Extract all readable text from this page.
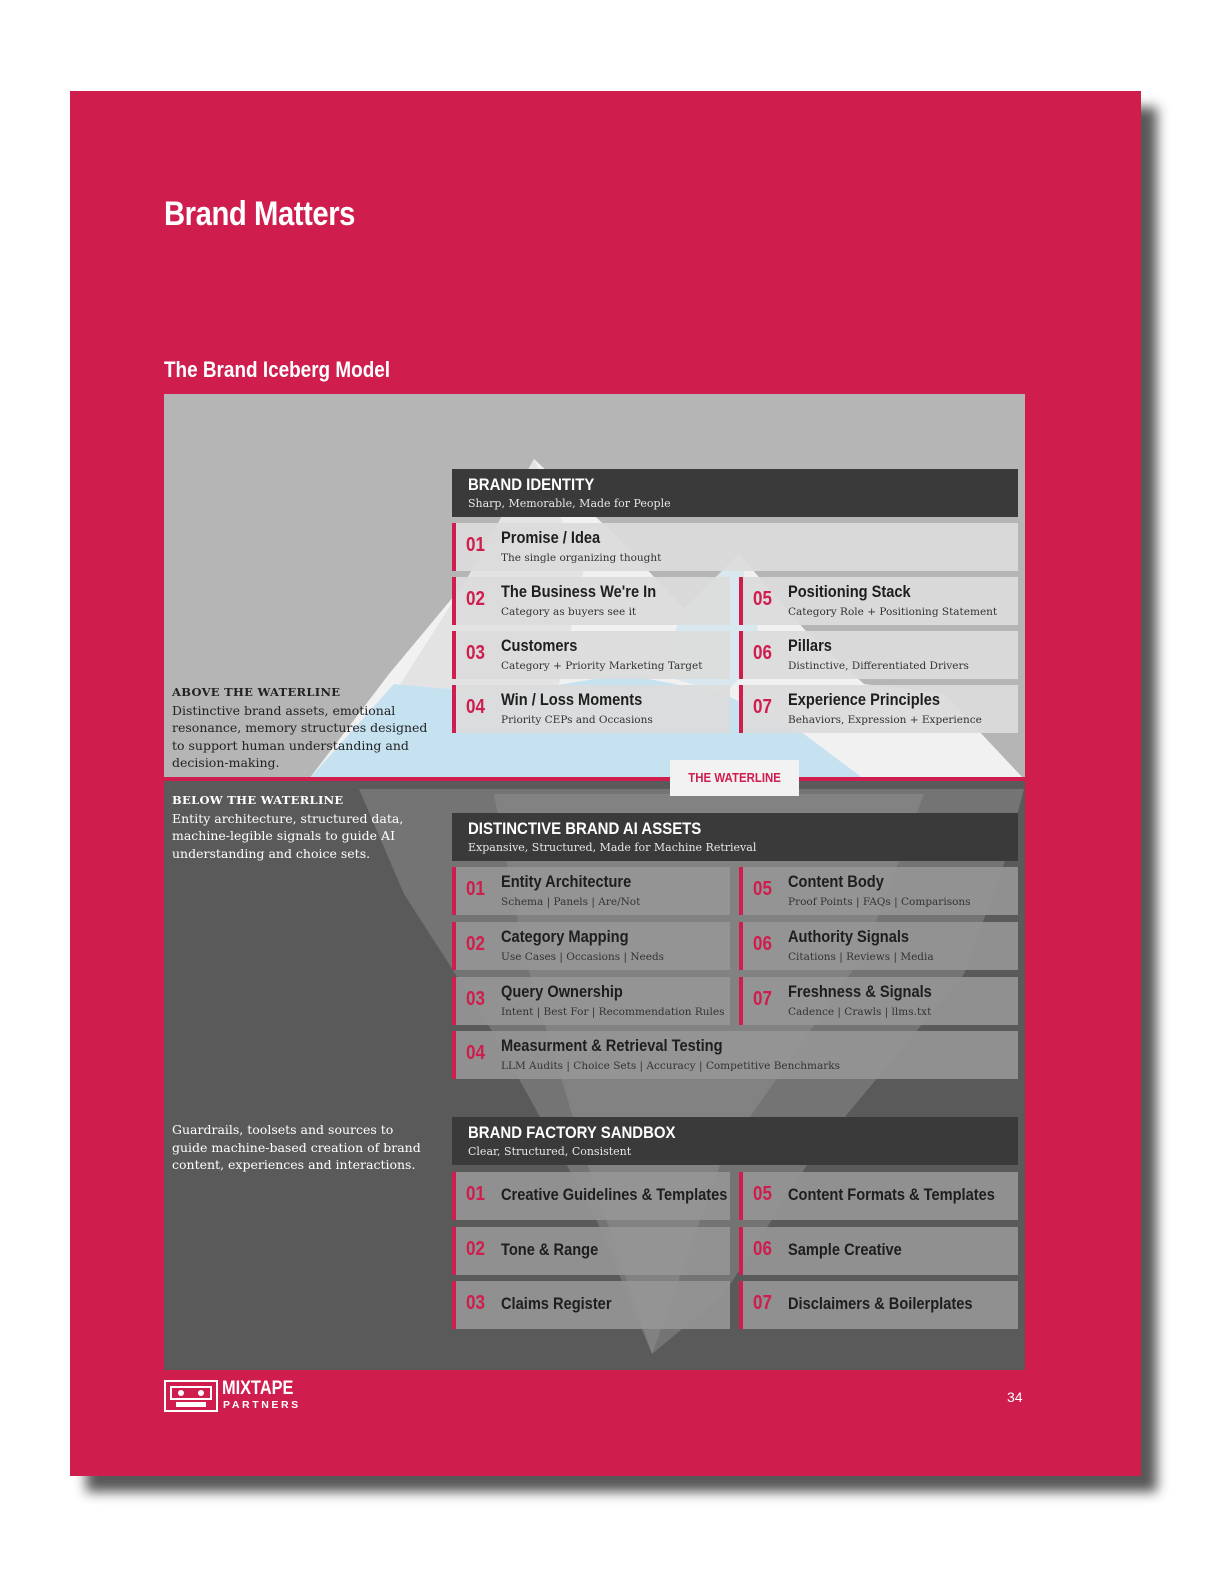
Brand Matters
The Brand Iceberg Model
ABOVE THE WATERLINE
Distinctive brand assets, emotional resonance, memory structures designed to support human understanding and decision-making.
BELOW THE WATERLINE
Entity architecture, structured data, machine-legible signals to guide AI understanding and choice sets.
Guardrails, toolsets and sources to guide machine-based creation of brand content, experiences and interactions.
THE WATERLINE
BRAND IDENTITY
Sharp, Memorable, Made for People
01 Promise / Idea
The single organizing thought
02 The Business We're In
Category as buyers see it
03 Customers
Category + Priority Marketing Target
04 Win / Loss Moments
Priority CEPs and Occasions
05 Positioning Stack
Category Role + Positioning Statement
06 Pillars
Distinctive, Differentiated Drivers
07 Experience Principles
Behaviors, Expression + Experience
DISTINCTIVE BRAND AI ASSETS
Expansive, Structured, Made for Machine Retrieval
01 Entity Architecture
Schema | Panels | Are/Not
02 Category Mapping
Use Cases | Occasions | Needs
03 Query Ownership
Intent | Best For | Recommendation Rules
04 Measurment & Retrieval Testing
LLM Audits | Choice Sets | Accuracy | Competitive Benchmarks
05 Content Body
Proof Points | FAQs | Comparisons
06 Authority Signals
Citations | Reviews | Media
07 Freshness & Signals
Cadence | Crawls | llms.txt
BRAND FACTORY SANDBOX
Clear, Structured, Consistent
01 Creative Guidelines & Templates
02 Tone & Range
03 Claims Register
05 Content Formats & Templates
06 Sample Creative
07 Disclaimers & Boilerplates
MIXTAPE
PARTNERS	34
